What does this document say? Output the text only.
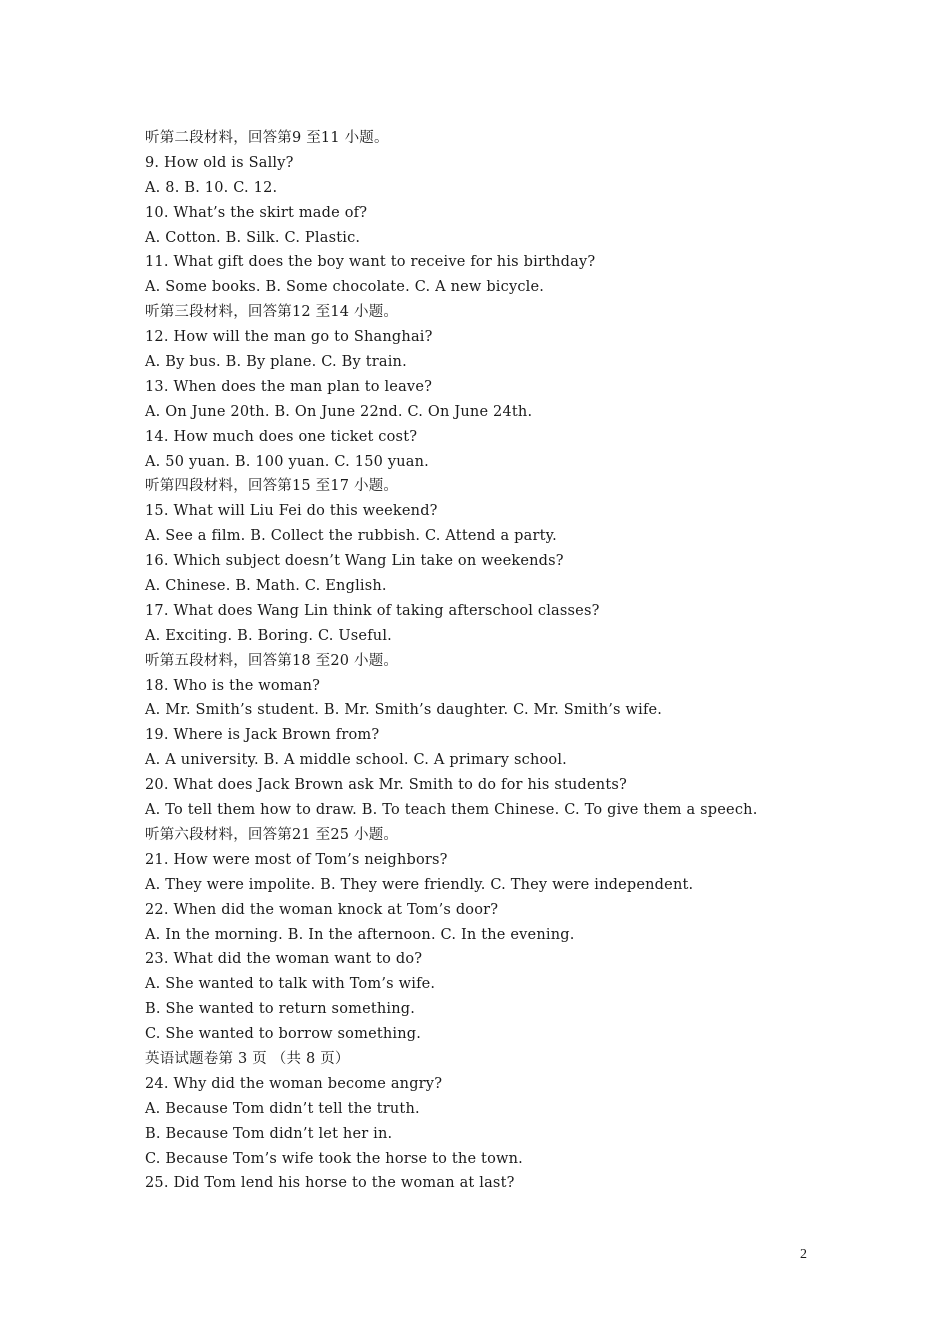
听第二段材料，回答第9 至11 小题。
9. How old is Sally?
A. 8. B. 10. C. 12.
10. What’s the skirt made of?
A. Cotton. B. Silk. C. Plastic.
11. What gift does the boy want to receive for his birthday?
A. Some books. B. Some chocolate. C. A new bicycle.
听第三段材料，回答第12 至14 小题。
12. How will the man go to Shanghai?
A. By bus. B. By plane. C. By train.
13. When does the man plan to leave?
A. On June 20th. B. On June 22nd. C. On June 24th.
14. How much does one ticket cost?
A. 50 yuan. B. 100 yuan. C. 150 yuan.
听第四段材料，回答第15 至17 小题。
15. What will Liu Fei do this weekend?
A. See a film. B. Collect the rubbish. C. Attend a party.
16. Which subject doesn’t Wang Lin take on weekends?
A. Chinese. B. Math. C. English.
17. What does Wang Lin think of taking afterschool classes?
A. Exciting. B. Boring. C. Useful.
听第五段材料，回答第18 至20 小题。
18. Who is the woman?
A. Mr. Smith’s student. B. Mr. Smith’s daughter. C. Mr. Smith’s wife.
19. Where is Jack Brown from?
A. A university. B. A middle school. C. A primary school.
20. What does Jack Brown ask Mr. Smith to do for his students?
A. To tell them how to draw. B. To teach them Chinese. C. To give them a speech.
听第六段材料，回答第21 至25 小题。
21. How were most of Tom’s neighbors?
A. They were impolite. B. They were friendly. C. They were independent.
22. When did the woman knock at Tom’s door?
A. In the morning. B. In the afternoon. C. In the evening.
23. What did the woman want to do?
A. She wanted to talk with Tom’s wife.
B. She wanted to return something.
C. She wanted to borrow something.
英语试题卷第 3 页 （共 8 页）
24. Why did the woman become angry?
A. Because Tom didn’t tell the truth.
B. Because Tom didn’t let her in.
C. Because Tom’s wife took the horse to the town.
25. Did Tom lend his horse to the woman at last?
2
